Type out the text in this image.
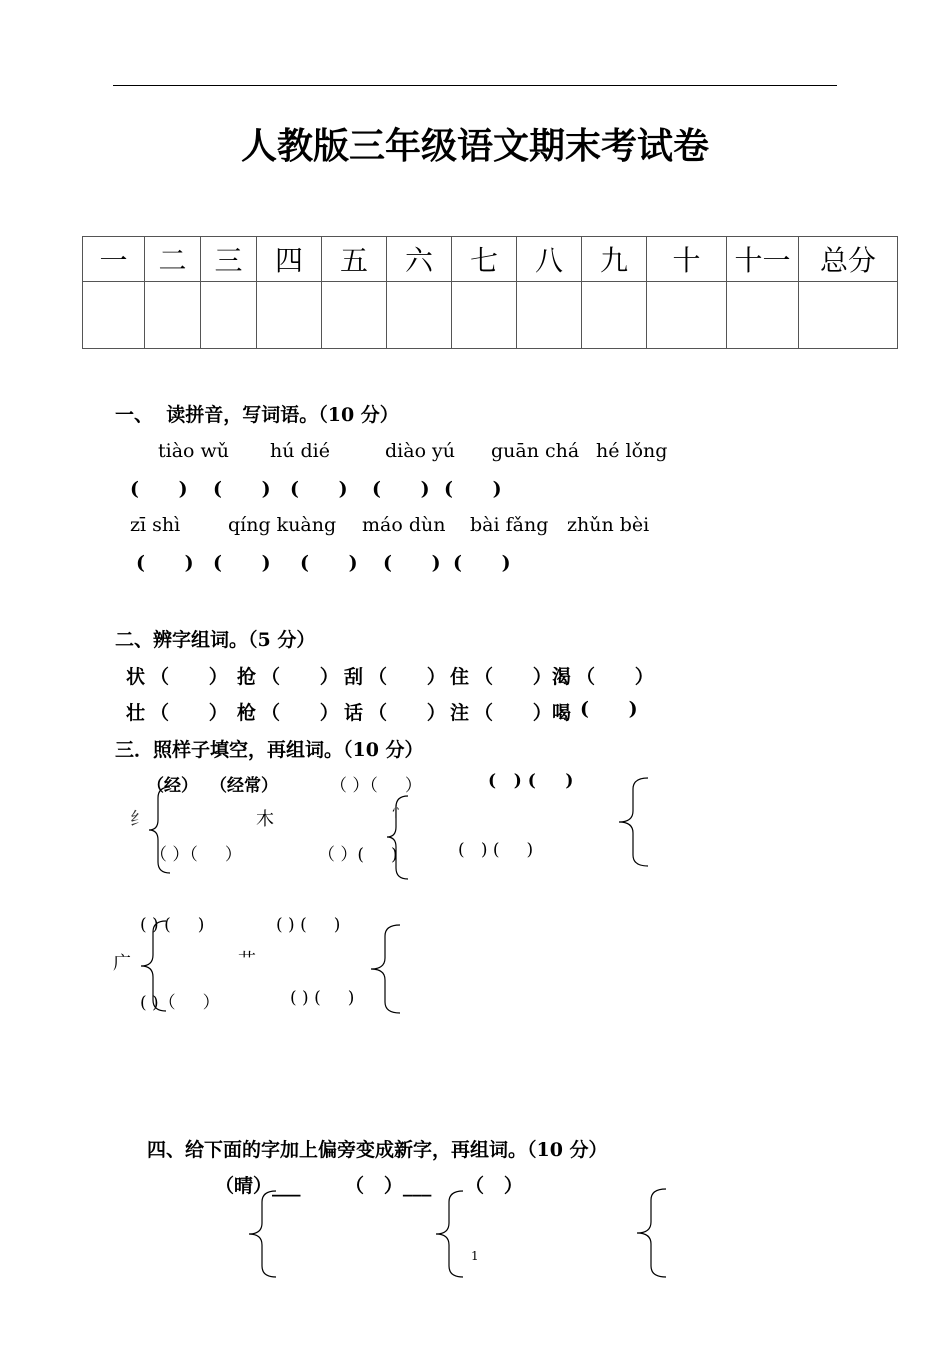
人教版三年级语文期末考试卷
一	二	三	四	五	六	七	八	九	十	十一	总分

一、  读拼音，写词语。（10 分）
tiào wǔ hú dié	diào yú guān chá hé lǒng
(      ) (      ) (      ) (      ) (      )
zī shì	qíng kuàng máo dùn bài fǎng zhǔn bèi
(      ) (      ) (      ) (      ) (      )
二、辨字组词。（5 分）
状 （      ） 抢 （      ） 刮 （      ） 住 （      ） 渴 （      ）
壮 （      ） 枪 （      ） 话 （      ） 注 （      ） 喝 (      )
三．照样子填空，再组词。（10 分）
（经） （经常）	（ ）（     ）	(   ) (     )
纟	木	忄
（ ）（     ）	（ ）(     )	(   ) (     )
( ) (     )	( ) (     )
广	艹
( )（     ）	( ) (     )
四、给下面的字加上偏旁变成新字，再组词。（10 分）
（晴）___ （   ）___ （   ）
1
